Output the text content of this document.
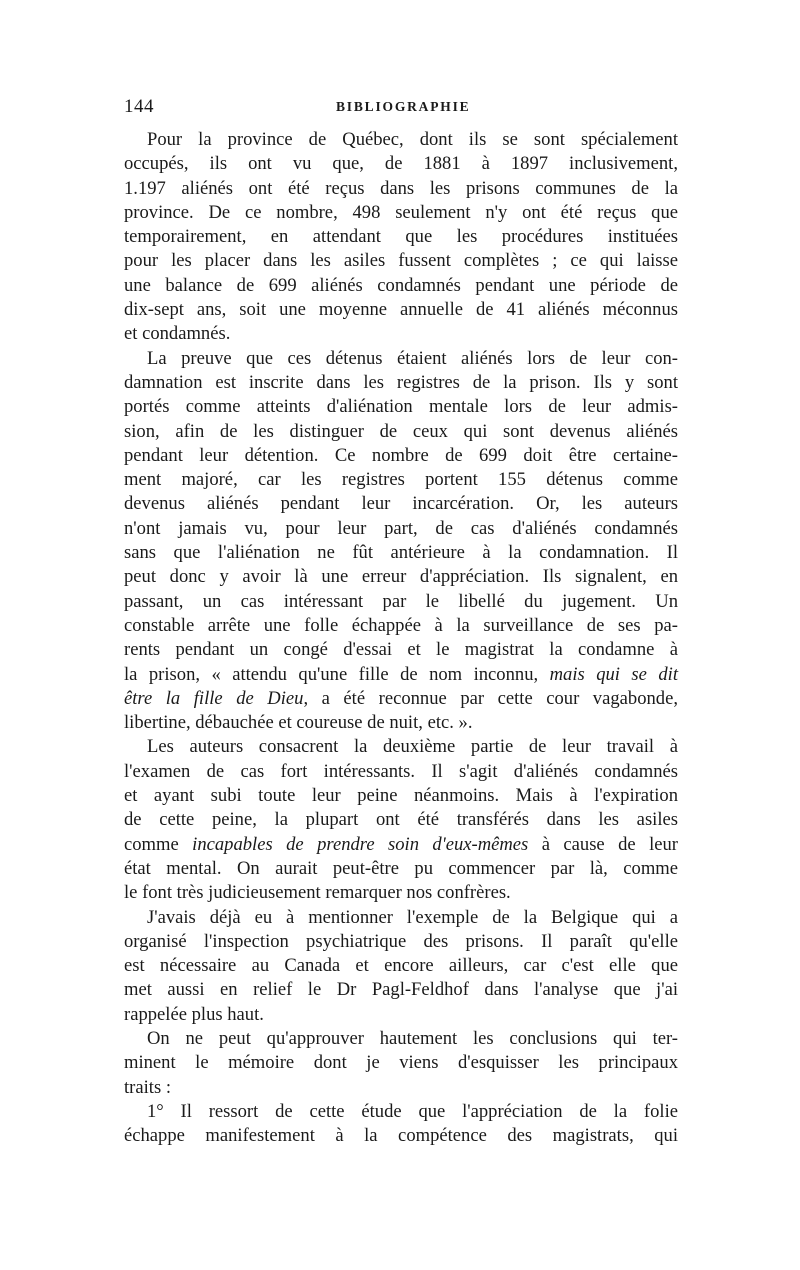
144	BIBLIOGRAPHIE
Pour la province de Québec, dont ils se sont spécialement
occupés, ils ont vu que, de 1881 à 1897 inclusivement,
1.197 aliénés ont été reçus dans les prisons communes de la
province. De ce nombre, 498 seulement n'y ont été reçus que
temporairement, en attendant que les procédures instituées
pour les placer dans les asiles fussent complètes ; ce qui laisse
une balance de 699 aliénés condamnés pendant une période de
dix-sept ans, soit une moyenne annuelle de 41 aliénés méconnus
et condamnés.
La preuve que ces détenus étaient aliénés lors de leur con-
damnation est inscrite dans les registres de la prison. Ils y sont
portés comme atteints d'aliénation mentale lors de leur admis-
sion, afin de les distinguer de ceux qui sont devenus aliénés
pendant leur détention. Ce nombre de 699 doit être certaine-
ment majoré, car les registres portent 155 détenus comme
devenus aliénés pendant leur incarcération. Or, les auteurs
n'ont jamais vu, pour leur part, de cas d'aliénés condamnés
sans que l'aliénation ne fût antérieure à la condamnation. Il
peut donc y avoir là une erreur d'appréciation. Ils signalent, en
passant, un cas intéressant par le libellé du jugement. Un
constable arrête une folle échappée à la surveillance de ses pa-
rents pendant un congé d'essai et le magistrat la condamne à
la prison, « attendu qu'une fille de nom inconnu, mais qui se dit
être la fille de Dieu, a été reconnue par cette cour vagabonde,
libertine, débauchée et coureuse de nuit, etc. ».
Les auteurs consacrent la deuxième partie de leur travail à
l'examen de cas fort intéressants. Il s'agit d'aliénés condamnés
et ayant subi toute leur peine néanmoins. Mais à l'expiration
de cette peine, la plupart ont été transférés dans les asiles
comme incapables de prendre soin d'eux-mêmes à cause de leur
état mental. On aurait peut-être pu commencer par là, comme
le font très judicieusement remarquer nos confrères.
J'avais déjà eu à mentionner l'exemple de la Belgique qui a
organisé l'inspection psychiatrique des prisons. Il paraît qu'elle
est nécessaire au Canada et encore ailleurs, car c'est elle que
met aussi en relief le Dr Pagl-Feldhof dans l'analyse que j'ai
rappelée plus haut.
On ne peut qu'approuver hautement les conclusions qui ter-
minent le mémoire dont je viens d'esquisser les principaux
traits :
1° Il ressort de cette étude que l'appréciation de la folie
échappe manifestement à la compétence des magistrats, qui
